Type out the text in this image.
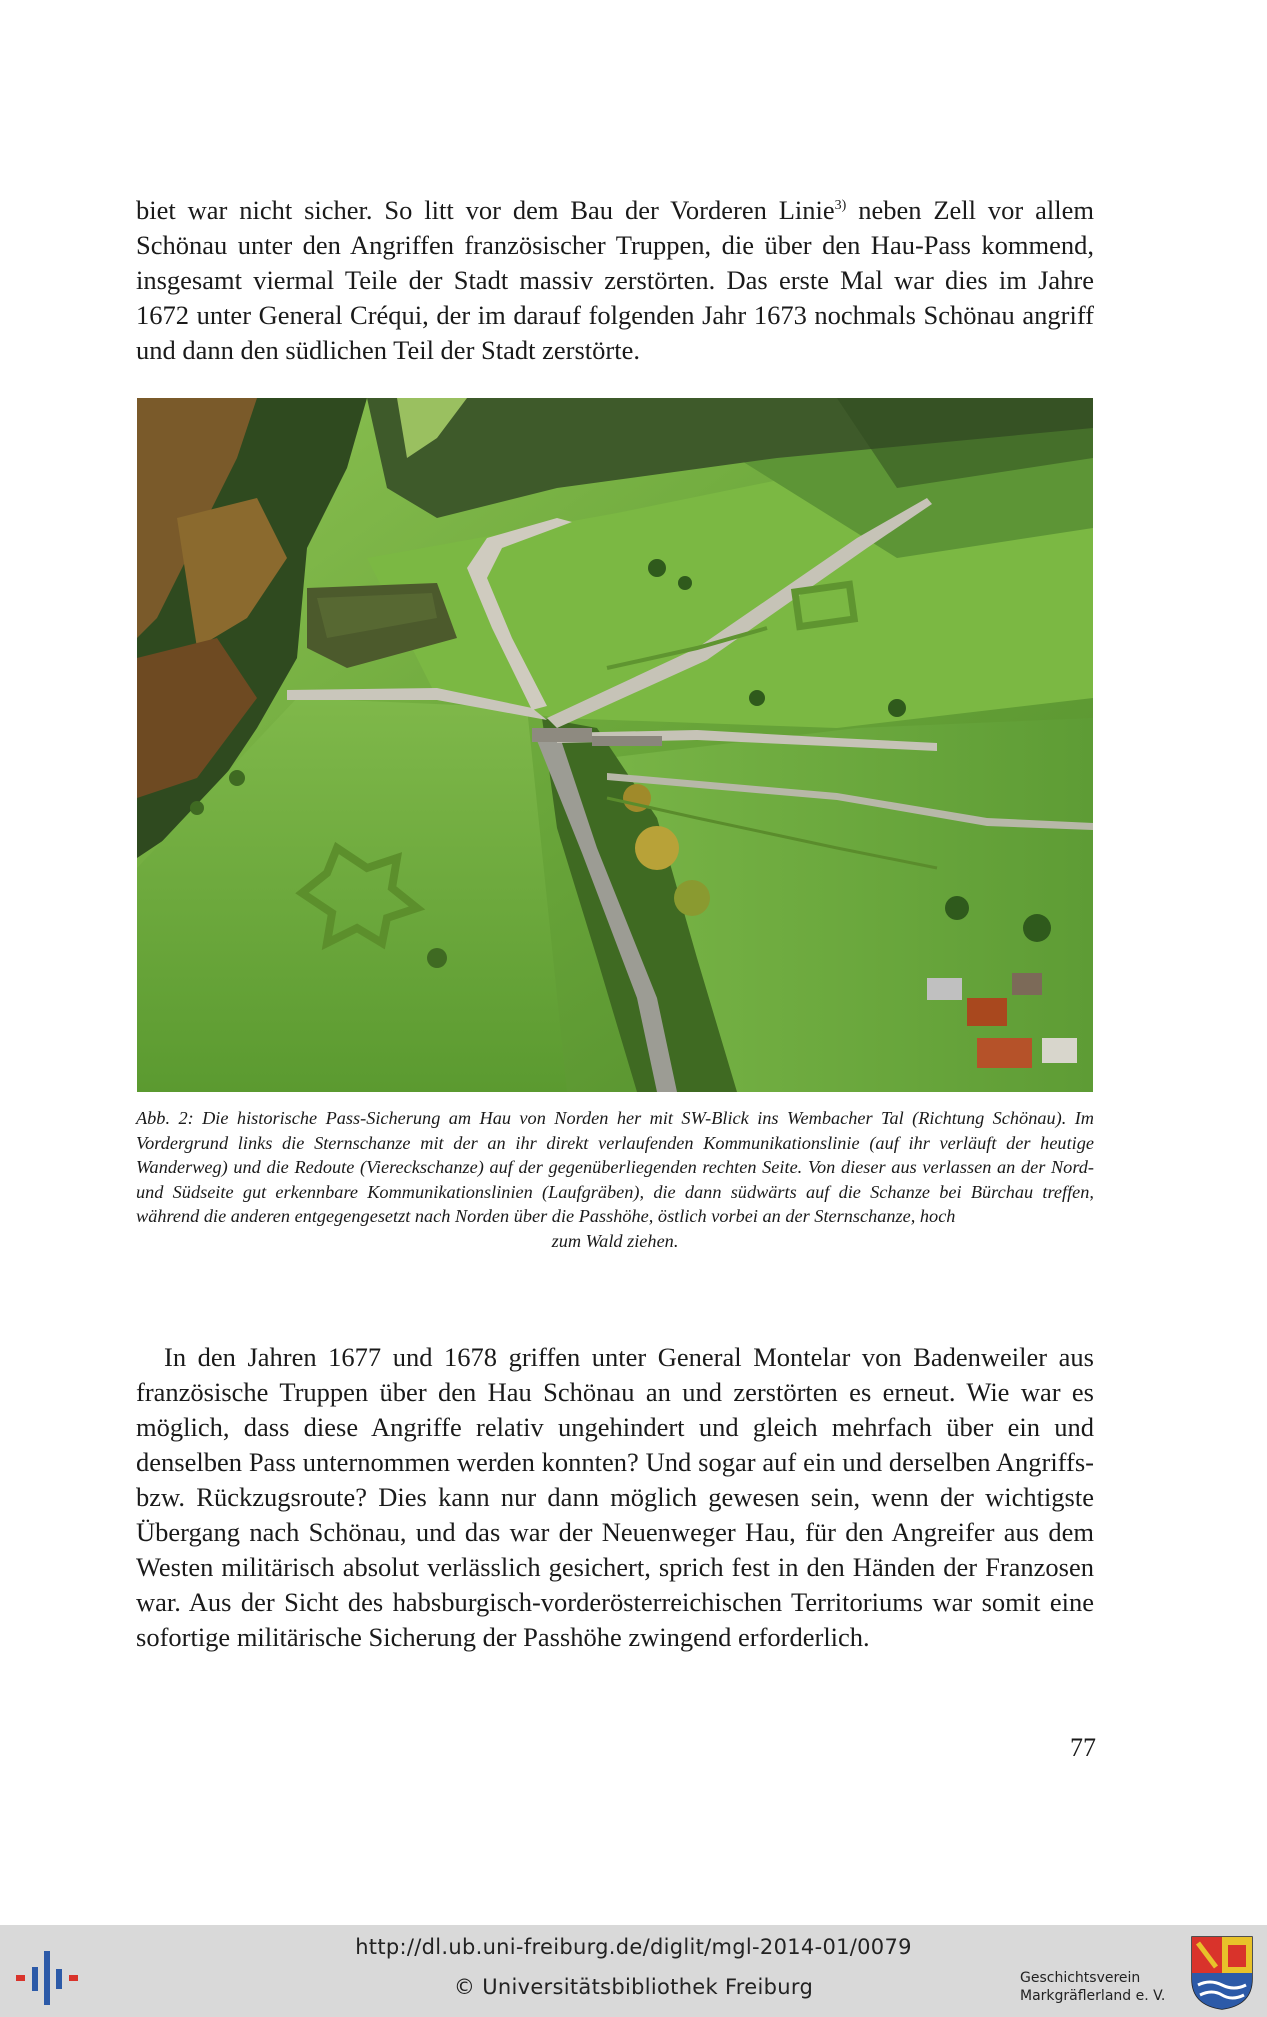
biet war nicht sicher. So litt vor dem Bau der Vorderen Linie$^{3)}$ neben Zell vor allem Schönau unter den Angriffen französischer Truppen, die über den Hau-Pass kommend, insgesamt viermal Teile der Stadt massiv zerstörten. Das erste Mal war dies im Jahre 1672 unter General Créqui, der im darauf folgenden Jahr 1673 nochmals Schönau angriff und dann den südlichen Teil der Stadt zerstörte.

Abb. 2: Die historische Pass-Sicherung am Hau von Norden her mit SW-Blick ins Wembacher Tal (Richtung Schönau). Im Vordergrund links die Sternschanze mit der an ihr direkt verlaufenden Kommunikationslinie (auf ihr verläuft der heutige Wanderweg) und die Redoute (Viereckschanze) auf der gegenüberliegenden rechten Seite. Von dieser aus verlassen an der Nord- und Südseite gut erkennbare Kommunikationslinien (Laufgräben), die dann südwärts auf die Schanze bei Bürchau treffen, während die anderen entgegengesetzt nach Norden über die Passhöhe, östlich vorbei an der Sternschanze, hoch
zum Wald ziehen.

In den Jahren 1677 und 1678 griffen unter General Montelar von Badenweiler aus französische Truppen über den Hau Schönau an und zerstörten es erneut. Wie war es möglich, dass diese Angriffe relativ ungehindert und gleich mehrfach über ein und denselben Pass unternommen werden konnten? Und sogar auf ein und derselben Angriffs- bzw. Rückzugsroute? Dies kann nur dann möglich gewesen sein, wenn der wichtigste Übergang nach Schönau, und das war der Neuenweger Hau, für den Angreifer aus dem Westen militärisch absolut verlässlich gesichert, sprich fest in den Händen der Franzosen war. Aus der Sicht des habsburgisch-vorderösterreichischen Territoriums war somit eine sofortige militärische Sicherung der Passhöhe zwingend erforderlich.

77
http://dl.ub.uni-freiburg.de/diglit/mgl-2014-01/0079
© Universitätsbibliothek Freiburg	Geschichtsverein
Markgräflerland e. V.
